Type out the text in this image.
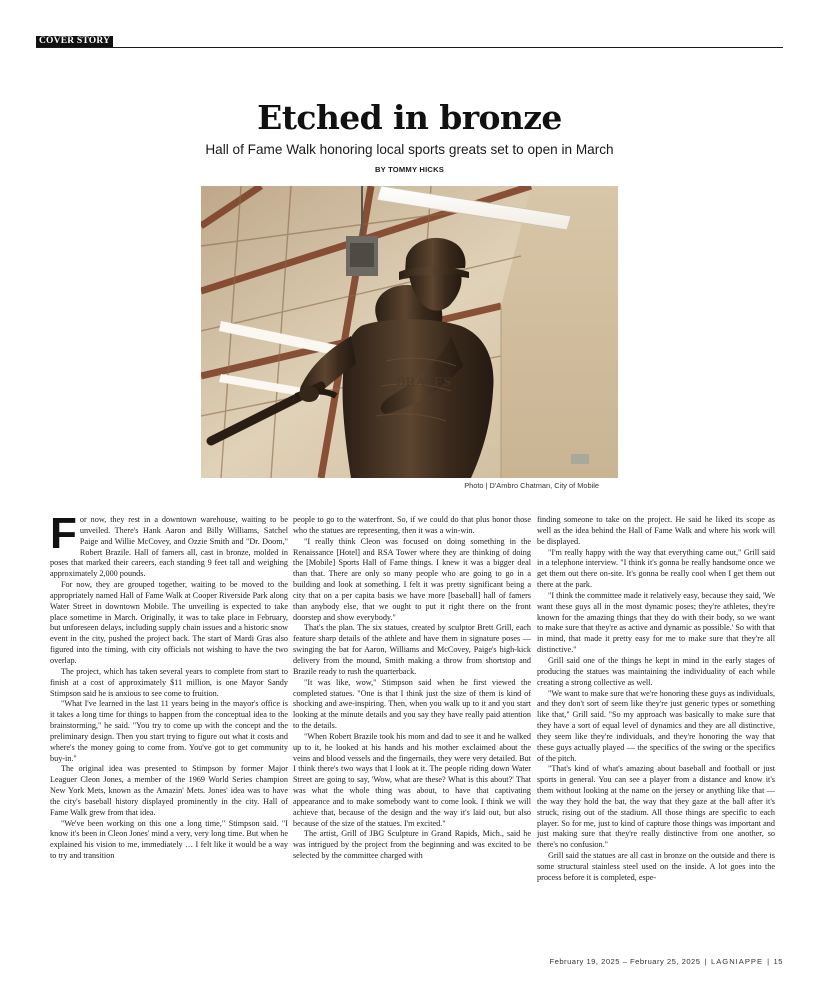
COVER STORY
Etched in bronze
Hall of Fame Walk honoring local sports greats set to open in March
BY TOMMY HICKS
BRAVES
Photo | D'Ambro Chatman, City of Mobile
F or now, they rest in a downtown warehouse, waiting to be unveiled. There's Hank Aaron and Billy Williams, Satchel Paige and Willie McCovey, and Ozzie Smith and "Dr. Doom," Robert Brazile. Hall of famers all, cast in bronze, molded in poses that marked their careers, each standing 9 feet tall and weighing approximately 2,000 pounds.

For now, they are grouped together, waiting to be moved to the appropriately named Hall of Fame Walk at Cooper Riverside Park along Water Street in downtown Mobile. The unveiling is expected to take place sometime in March. Originally, it was to take place in February, but unforeseen delays, including supply chain issues and a historic snow event in the city, pushed the project back. The start of Mardi Gras also figured into the timing, with city officials not wishing to have the two overlap.

The project, which has taken several years to complete from start to finish at a cost of approximately $11 million, is one Mayor Sandy Stimpson said he is anxious to see come to fruition.

"What I've learned in the last 11 years being in the mayor's office is it takes a long time for things to happen from the conceptual idea to the brainstorming," he said. "You try to come up with the concept and the preliminary design. Then you start trying to figure out what it costs and where's the money going to come from. You've got to get community buy-in."

The original idea was presented to Stimpson by former Major Leaguer Cleon Jones, a member of the 1969 World Series champion New York Mets, known as the Amazin' Mets. Jones' idea was to have the city's baseball history displayed prominently in the city. Hall of Fame Walk grew from that idea.

"We've been working on this one a long time," Stimpson said. "I know it's been in Cleon Jones' mind a very, very long time. But when he explained his vision to me, immediately … I felt like it would be a way to try and transition

people to go to the waterfront. So, if we could do that plus honor those who the statues are representing, then it was a win-win.

"I really think Cleon was focused on doing something in the Renaissance [Hotel] and RSA Tower where they are thinking of doing the [Mobile] Sports Hall of Fame things. I knew it was a bigger deal than that. There are only so many people who are going to go in a building and look at something. I felt it was pretty significant being a city that on a per capita basis we have more [baseball] hall of famers than anybody else, that we ought to put it right there on the front doorstep and show everybody."

That's the plan. The six statues, created by sculptor Brett Grill, each feature sharp details of the athlete and have them in signature poses — swinging the bat for Aaron, Williams and McCovey, Paige's high-kick delivery from the mound, Smith making a throw from shortstop and Brazile ready to rush the quarterback.

"It was like, wow," Stimpson said when he first viewed the completed statues. "One is that I think just the size of them is kind of shocking and awe-inspiring. Then, when you walk up to it and you start looking at the minute details and you say they have really paid attention to the details.

"When Robert Brazile took his mom and dad to see it and he walked up to it, he looked at his hands and his mother exclaimed about the veins and blood vessels and the fingernails, they were very detailed. But I think there's two ways that I look at it. The people riding down Water Street are going to say, 'Wow, what are these? What is this about?' That was what the whole thing was about, to have that captivating appearance and to make somebody want to come look. I think we will achieve that, because of the design and the way it's laid out, but also because of the size of the statues. I'm excited."

The artist, Grill of JBG Sculpture in Grand Rapids, Mich., said he was intrigued by the project from the beginning and was excited to be selected by the committee charged with

finding someone to take on the project. He said he liked its scope as well as the idea behind the Hall of Fame Walk and where his work will be displayed.

"I'm really happy with the way that everything came out," Grill said in a telephone interview. "I think it's gonna be really handsome once we get them out there on-site. It's gonna be really cool when I get them out there at the park.

"I think the committee made it relatively easy, because they said, 'We want these guys all in the most dynamic poses; they're athletes, they're known for the amazing things that they do with their body, so we want to make sure that they're as active and dynamic as possible.' So with that in mind, that made it pretty easy for me to make sure that they're all distinctive."

Grill said one of the things he kept in mind in the early stages of producing the statues was maintaining the individuality of each while creating a strong collective as well.

"We want to make sure that we're honoring these guys as individuals, and they don't sort of seem like they're just generic types or something like that," Grill said. "So my approach was basically to make sure that they have a sort of equal level of dynamics and they are all distinctive, they seem like they're individuals, and they're honoring the way that these guys actually played — the specifics of the swing or the specifics of the pitch.

"That's kind of what's amazing about baseball and football or just sports in general. You can see a player from a distance and know it's them without looking at the name on the jersey or anything like that — the way they hold the bat, the way that they gaze at the ball after it's struck, rising out of the stadium. All those things are specific to each player. So for me, just to kind of capture those things was important and just making sure that they're really distinctive from one another, so there's no confusion."

Grill said the statues are all cast in bronze on the outside and there is some structural stainless steel used on the inside. A lot goes into the process before it is completed, espe-

February 19, 2025 – February 25, 2025 | LAGNIAPPE | 15
